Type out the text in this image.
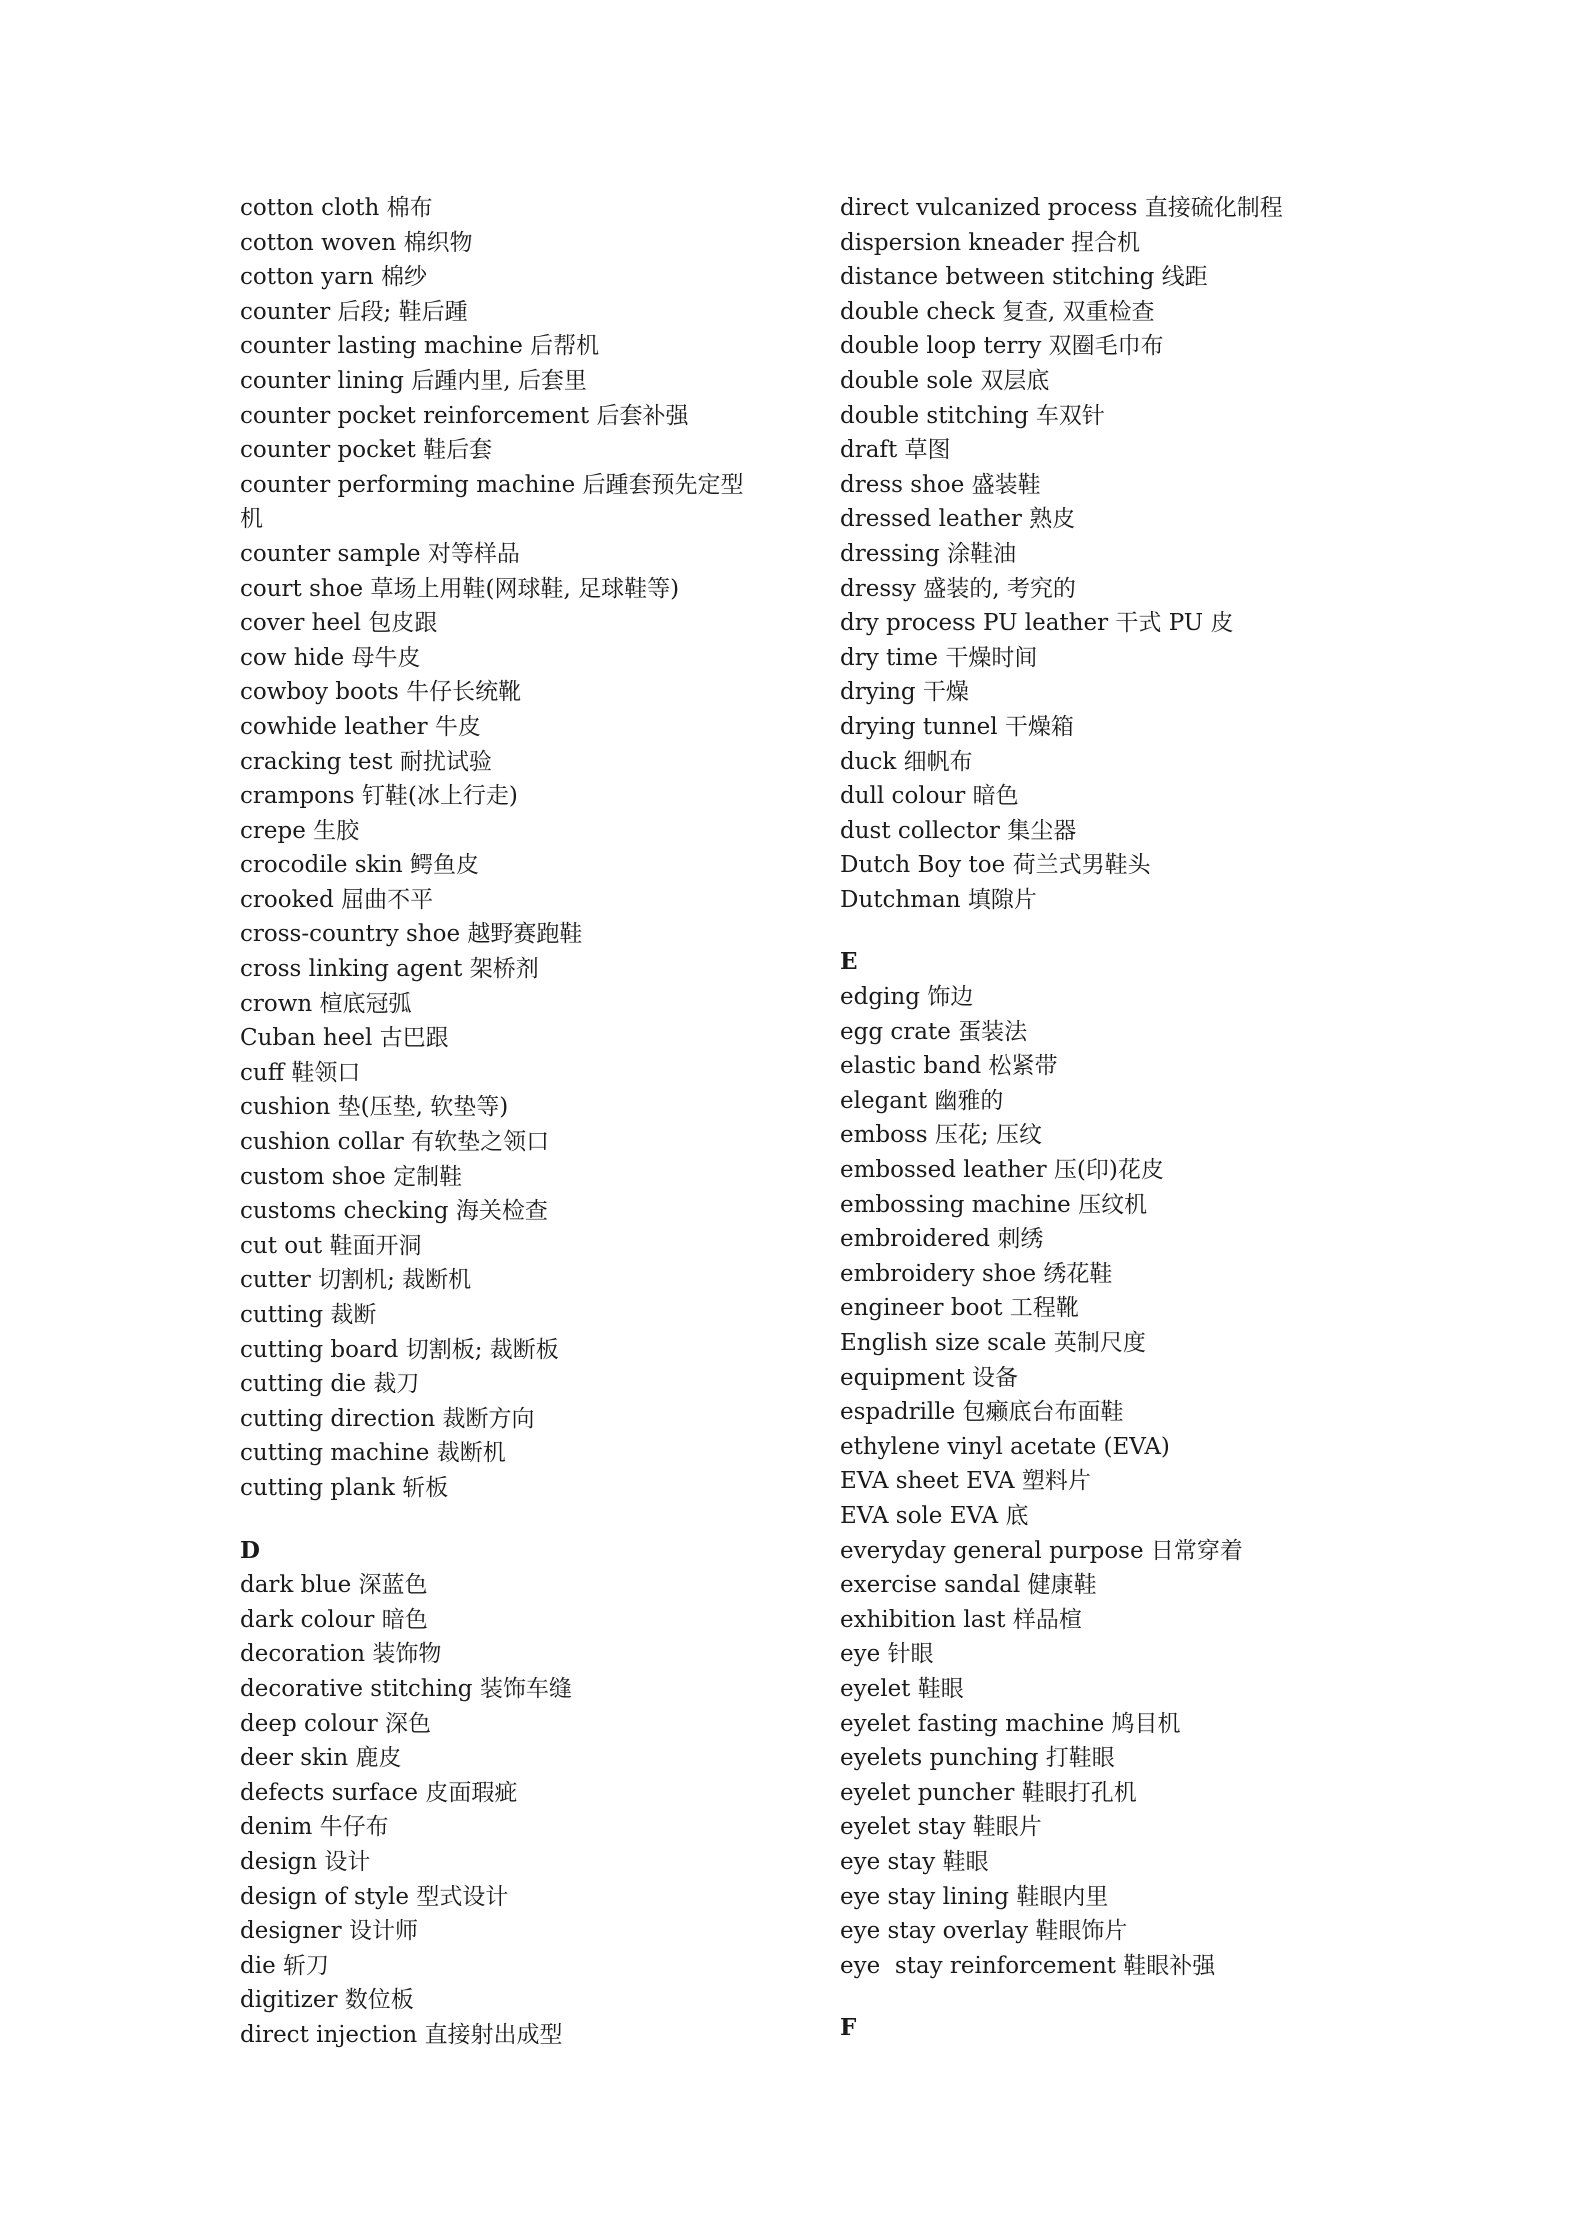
cotton cloth 棉布
cotton woven 棉织物
cotton yarn 棉纱
counter 后段; 鞋后踵
counter lasting machine 后帮机
counter lining 后踵内里, 后套里
counter pocket reinforcement 后套补强
counter pocket 鞋后套
counter performing machine 后踵套预先定型
机
counter sample 对等样品
court shoe 草场上用鞋(网球鞋, 足球鞋等)
cover heel 包皮跟
cow hide 母牛皮
cowboy boots 牛仔长统靴
cowhide leather 牛皮
cracking test 耐扰试验
crampons 钉鞋(冰上行走)
crepe 生胶
crocodile skin 鳄鱼皮
crooked 屈曲不平
cross-country shoe 越野赛跑鞋
cross linking agent 架桥剂
crown 楦底冠弧
Cuban heel 古巴跟
cuff 鞋领口
cushion 垫(压垫, 软垫等)
cushion collar 有软垫之领口
custom shoe 定制鞋
customs checking 海关检查
cut out 鞋面开洞
cutter 切割机; 裁断机
cutting 裁断
cutting board 切割板; 裁断板
cutting die 裁刀
cutting direction 裁断方向
cutting machine 裁断机
cutting plank 斩板
D
dark blue 深蓝色
dark colour 暗色
decoration 装饰物
decorative stitching 装饰车缝
deep colour 深色
deer skin 鹿皮
defects surface 皮面瑕疵
denim 牛仔布
design 设计
design of style 型式设计
designer 设计师
die 斩刀
digitizer 数位板
direct injection 直接射出成型
direct vulcanized process 直接硫化制程
dispersion kneader 捏合机
distance between stitching 线距
double check 复查, 双重检查
double loop terry 双圈毛巾布
double sole 双层底
double stitching 车双针
draft 草图
dress shoe 盛装鞋
dressed leather 熟皮
dressing 涂鞋油
dressy 盛装的, 考究的
dry process PU leather 干式 PU 皮
dry time 干燥时间
drying 干燥
drying tunnel 干燥箱
duck 细帆布
dull colour 暗色
dust collector 集尘器
Dutch Boy toe 荷兰式男鞋头
Dutchman 填隙片
E
edging 饰边
egg crate 蛋装法
elastic band 松紧带
elegant 幽雅的
emboss 压花; 压纹
embossed leather 压(印)花皮
embossing machine 压纹机
embroidered 刺绣
embroidery shoe 绣花鞋
engineer boot 工程靴
English size scale 英制尺度
equipment 设备
espadrille 包癞底台布面鞋
ethylene vinyl acetate (EVA)
EVA sheet EVA 塑料片
EVA sole EVA 底
everyday general purpose 日常穿着
exercise sandal 健康鞋
exhibition last 样品楦
eye 针眼
eyelet 鞋眼
eyelet fasting machine 鸠目机
eyelets punching 打鞋眼
eyelet puncher 鞋眼打孔机
eyelet stay 鞋眼片
eye stay 鞋眼
eye stay lining 鞋眼内里
eye stay overlay 鞋眼饰片
eye  stay reinforcement 鞋眼补强
F
